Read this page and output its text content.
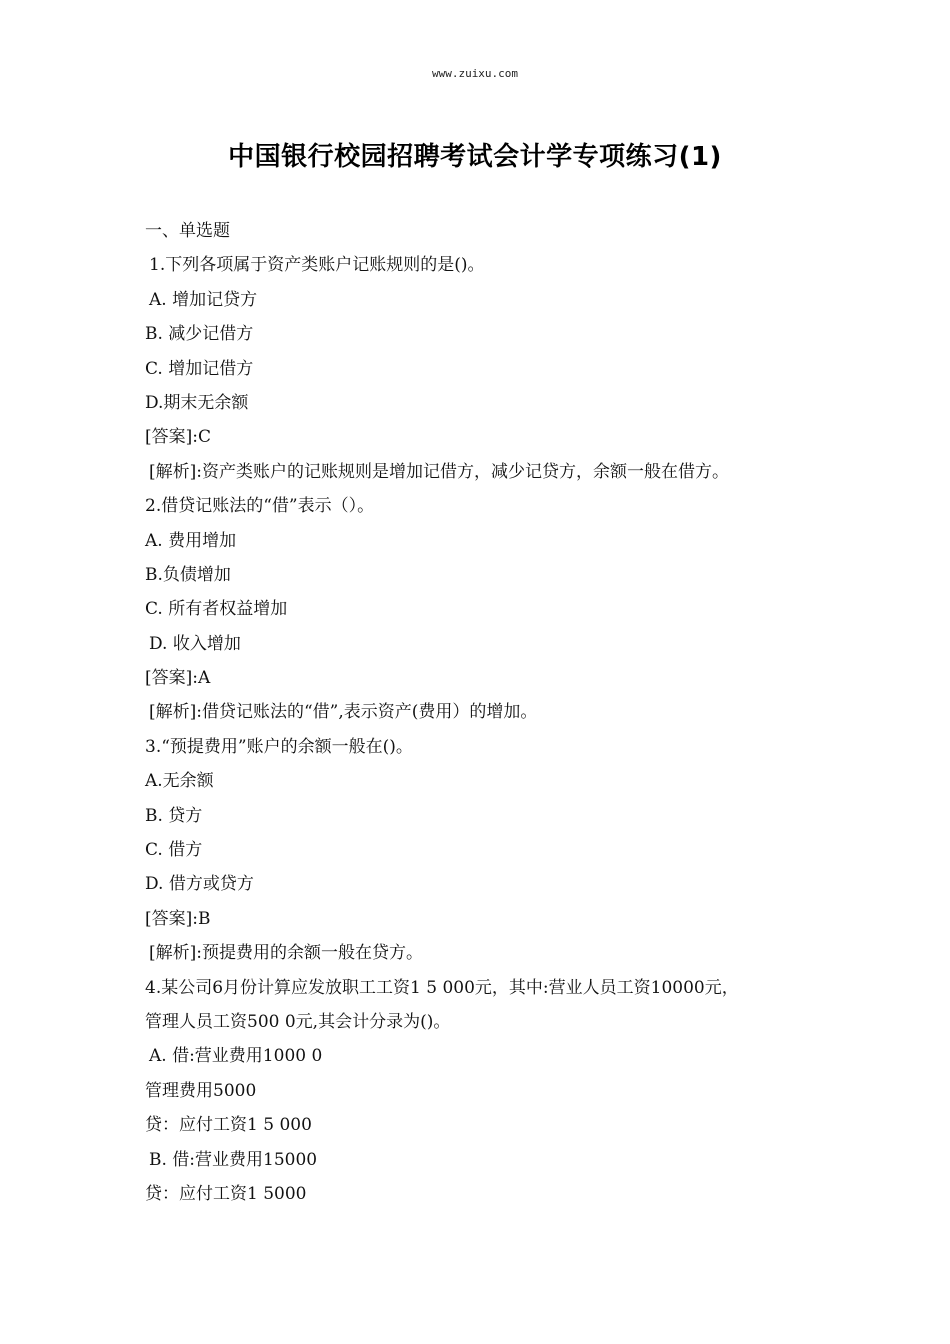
www.zuixu.com
中国银行校园招聘考试会计学专项练习(1)
一、单选题
1.下列各项属于资产类账户记账规则的是()。
A. 增加记贷方
B. 减少记借方
C. 增加记借方
D.期末无余额
[答案]:C
[解析]:资产类账户的记账规则是增加记借方，减少记贷方，余额一般在借方。
2.借贷记账法的“借”表示（）。
A. 费用增加
B.负债增加
C. 所有者权益增加
D. 收入增加
[答案]:A
[解析]:借贷记账法的“借”,表示资产(费用）的增加。
3.“预提费用”账户的余额一般在()。
A.无余额
B. 贷方
C. 借方
D. 借方或贷方
[答案]:B
[解析]:预提费用的余额一般在贷方。
4.某公司6月份计算应发放职工工资1 5 000元，其中:营业人员工资10000元，
管理人员工资500 0元,其会计分录为()。
A. 借:营业费用1000 0
管理费用5000
贷：应付工资1 5 000
B. 借:营业费用15000
贷：应付工资1 5000
